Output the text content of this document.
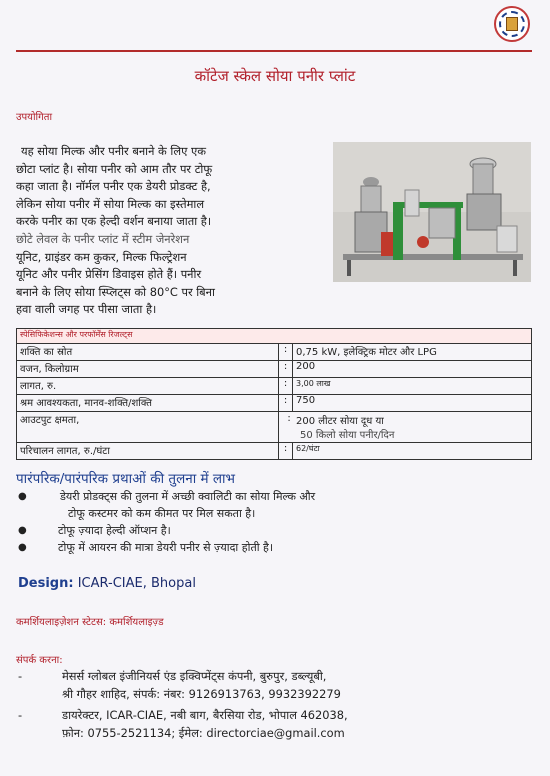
कॉटेज स्केल सोया पनीर प्लांट
उपयोगिता
यह सोया मिल्क और पनीर बनाने के लिए एक
छोटा प्लांट है। सोया पनीर को आम तौर पर टोफू
कहा जाता है। नॉर्मल पनीर एक डेयरी प्रोडक्ट है,
लेकिन सोया पनीर में सोया मिल्क का इस्तेमाल
करके पनीर का एक हेल्दी वर्शन बनाया जाता है।
छोटे लेवल के पनीर प्लांट में स्टीम जेनरेशन
यूनिट, ग्राइंडर कम कुकर, मिल्क फिल्ट्रेशन
यूनिट और पनीर प्रेसिंग डिवाइस होते हैं। पनीर
बनाने के लिए सोया स्प्लिट्स को 80°C पर बिना
हवा वाली जगह पर पीसा जाता है।
स्पेसिफिकेशन्स और परफॉर्मेंस रिजल्ट्स		
शक्ति का स्रोत	:	0,75 kW, इलेक्ट्रिक मोटर और LPG
वजन, किलोग्राम	:	200
लागत, रु.	:	3,00 लाख
श्रम आवश्यकता, मानव-शक्ति/शक्ति	:	750
आउटपुट क्षमता,	: 200 लीटर सोया दूध या
50 किलो सोया पनीर/दिन	

परिचालन लागत, रु./घंटा	:	62/घंटा
पारंपरिक/पारंपरिक प्रथाओं की तुलना में लाभ
● डेयरी प्रोडक्ट्स की तुलना में अच्छी क्वालिटी का सोया मिल्क और
टोफू कस्टमर को कम कीमत पर मिल सकता है।
● टोफू ज़्यादा हेल्दी ऑप्शन है।
● टोफू में आयरन की मात्रा डेयरी पनीर से ज़्यादा होती है।
Design: ICAR-CIAE, Bhopal
कमर्शियलाइज़ेशन स्टेटस: कमर्शियलाइज़्ड
संपर्क करना:
-	मेसर्स ग्लोबल इंजीनियर्स एंड इक्विप्मेंट्स कंपनी, बुरुपुर, डब्ल्यूबी,
श्री गौहर शाहिद, संपर्क: नंबर: 9126913763, 9932392279
-	डायरेक्टर, ICAR-CIAE, नबी बाग, बैरसिया रोड, भोपाल 462038,
फ़ोन: 0755-2521134; ईमेल: directorciae@gmail.com
